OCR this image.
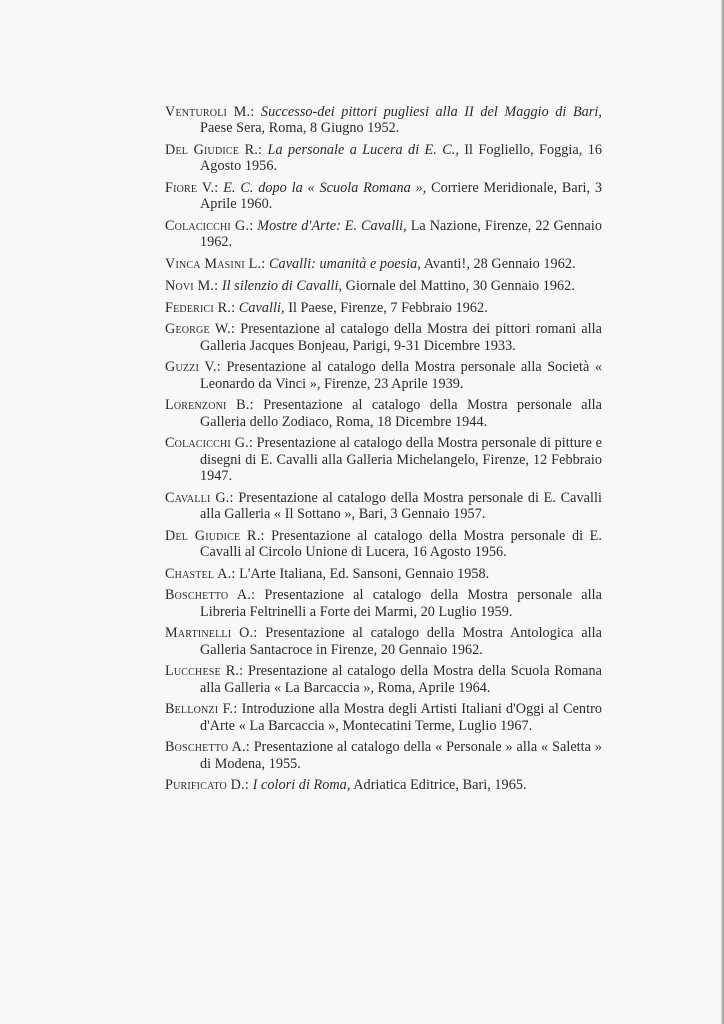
Venturoli M.: Successo-dei pittori pugliesi alla II del Maggio di Bari, Paese Sera, Roma, 8 Giugno 1952.
Del Giudice R.: La personale a Lucera di E. C., Il Fogliello, Foggia, 16 Agosto 1956.
Fiore V.: E. C. dopo la « Scuola Romana », Corriere Meridionale, Bari, 3 Aprile 1960.
Colacicchi G.: Mostre d'Arte: E. Cavalli, La Nazione, Firenze, 22 Gennaio 1962.
Vinca Masini L.: Cavalli: umanità e poesia, Avanti!, 28 Gennaio 1962.
Novi M.: Il silenzio di Cavalli, Giornale del Mattino, 30 Gennaio 1962.
Federici R.: Cavalli, Il Paese, Firenze, 7 Febbraio 1962.
George W.: Presentazione al catalogo della Mostra dei pittori romani alla Galleria Jacques Bonjeau, Parigi, 9-31 Dicembre 1933.
Guzzi V.: Presentazione al catalogo della Mostra personale alla Società « Leonardo da Vinci », Firenze, 23 Aprile 1939.
Lorenzoni B.: Presentazione al catalogo della Mostra personale alla Galleria dello Zodiaco, Roma, 18 Dicembre 1944.
Colacicchi G.: Presentazione al catalogo della Mostra personale di pitture e disegni di E. Cavalli alla Galleria Michelangelo, Firenze, 12 Febbraio 1947.
Cavalli G.: Presentazione al catalogo della Mostra personale di E. Cavalli alla Galleria « Il Sottano », Bari, 3 Gennaio 1957.
Del Giudice R.: Presentazione al catalogo della Mostra personale di E. Cavalli al Circolo Unione di Lucera, 16 Agosto 1956.
Chastel A.: L'Arte Italiana, Ed. Sansoni, Gennaio 1958.
Boschetto A.: Presentazione al catalogo della Mostra personale alla Libreria Feltrinelli a Forte dei Marmi, 20 Luglio 1959.
Martinelli O.: Presentazione al catalogo della Mostra Antologica alla Galleria Santacroce in Firenze, 20 Gennaio 1962.
Lucchese R.: Presentazione al catalogo della Mostra della Scuola Romana alla Galleria « La Barcaccia », Roma, Aprile 1964.
Bellonzi F.: Introduzione alla Mostra degli Artisti Italiani d'Oggi al Centro d'Arte « La Barcaccia », Montecatini Terme, Luglio 1967.
Boschetto A.: Presentazione al catalogo della « Personale » alla « Saletta » di Modena, 1955.
Purificato D.: I colori di Roma, Adriatica Editrice, Bari, 1965.
